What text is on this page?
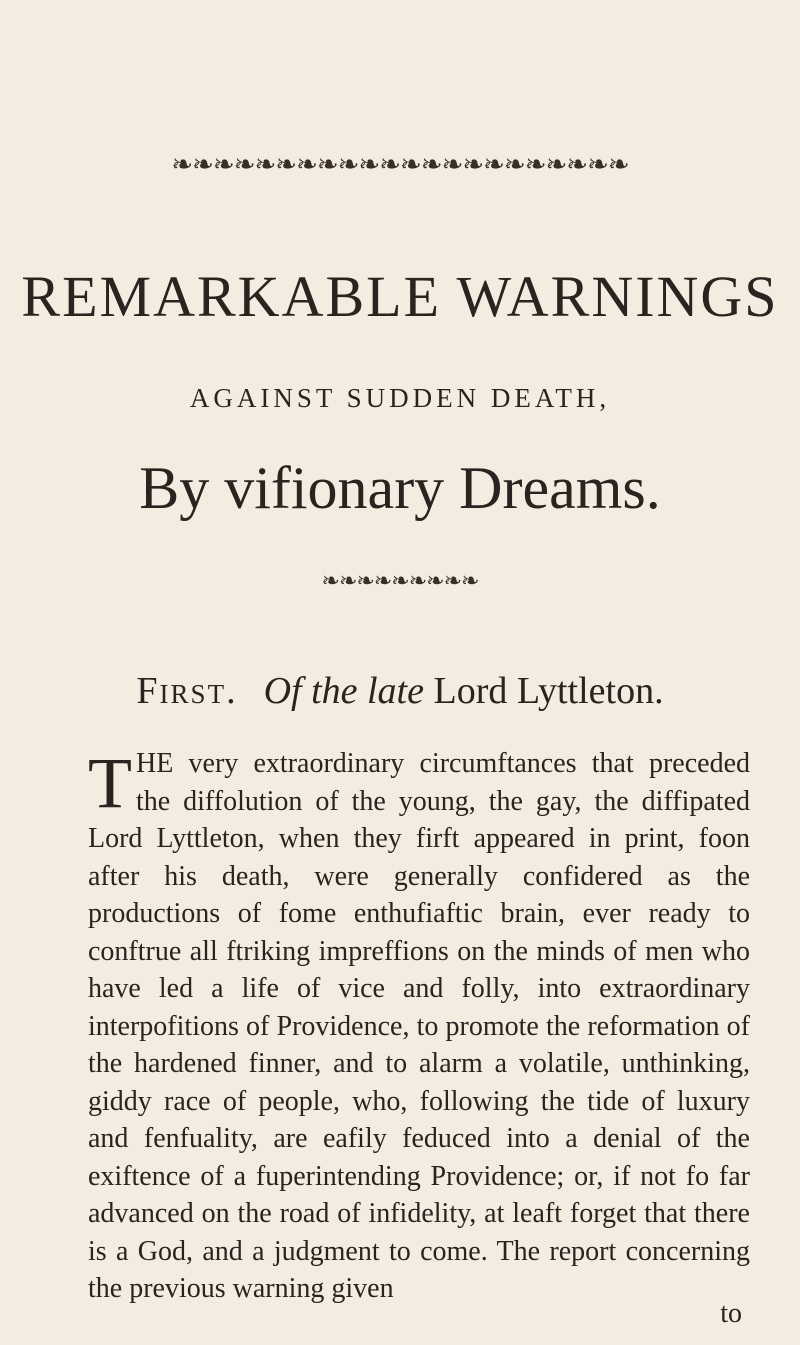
❧❧❧❧❧❧❧❧❧❧❧❧❧❧❧❧❧❧❧❧❧❧
REMARKABLE WARNINGS
AGAINST SUDDEN DEATH,
By vifionary Dreams.
❧❧❧❧❧❧❧❧❧
First. Of the late Lord Lyttleton.

THE very extraordinary circumftances that preceded the diffolution of the young, the gay, the diffipated Lord Lyttleton, when they firft appeared in print, foon after his death, were generally confidered as the productions of fome enthufiaftic brain, ever ready to conftrue all ftriking impreffions on the minds of men who have led a life of vice and folly, into extraordinary interpofitions of Providence, to promote the reformation of the hardened finner, and to alarm a volatile, unthinking, giddy race of people, who, following the tide of luxury and fenfuality, are eafily feduced into a denial of the exiftence of a fuperintending Providence; or, if not fo far advanced on the road of infidelity, at leaft forget that there is a God, and a judgment to come. The report concerning the previous warning given

to
